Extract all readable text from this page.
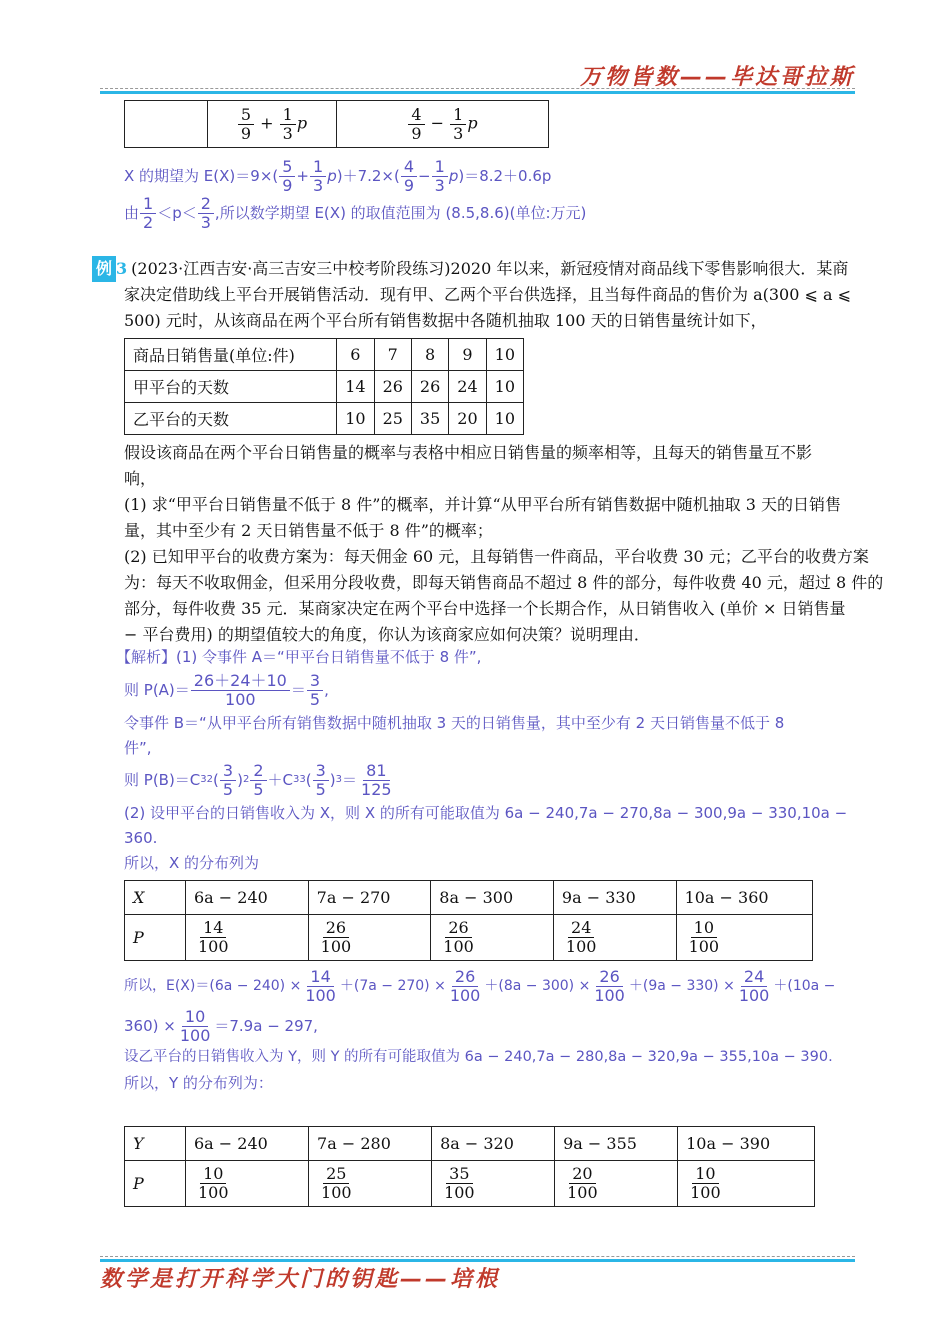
万物皆数——毕达哥拉斯

$\frac{5}{9} + \frac{1}{3}$ p	$\frac{4}{9} - \frac{1}{3}$ p
X 的期望为 $E(X)=9\times( \frac{5}{9} + \frac{1}{3}$ p )$+7.2\times( \frac{4}{9} - \frac{1}{3}$ p )＝8.2＋0.6p
由 $\frac{1}{2} <p< \frac{2}{3}$ ,所以数学期望 E(X) 的取值范围为 (8.5,8.6)(单位:万元)
例 3 (2023·江西吉安·高三吉安三中校考阶段练习)2020 年以来，新冠疫情对商品线下零售影响很大．某商
家决定借助线上平台开展销售活动．现有甲、乙两个平台供选择，且当每件商品的售价为 a(300 ⩽ a ⩽
500) 元时，从该商品在两个平台所有销售数据中各随机抽取 100 天的日销售量统计如下，
商品日销售量(单位:件)	6	7	8	9	10
甲平台的天数	14	26	26	24	10
乙平台的天数	10	25	35	20	10
假设该商品在两个平台日销售量的概率与表格中相应日销售量的频率相等，且每天的销售量互不影
响，
(1) 求“甲平台日销售量不低于 8 件”的概率，并计算“从甲平台所有销售数据中随机抽取 3 天的日销售
量，其中至少有 2 天日销售量不低于 8 件”的概率；
(2) 已知甲平台的收费方案为：每天佣金 60 元，且每销售一件商品，平台收费 30 元；乙平台的收费方案
为：每天不收取佣金，但采用分段收费，即每天销售商品不超过 8 件的部分，每件收费 40 元，超过 8 件的
部分，每件收费 35 元．某商家决定在两个平台中选择一个长期合作，从日销售收入 (单价 × 日销售量
− 平台费用) 的期望值较大的角度，你认为该商家应如何决策？说明理由．
【解析】(1) 令事件 A＝“甲平台日销售量不低于 8 件”,
则 $P(A)= \frac{26+24+10}{100} = \frac{3}{5}$ ,
令事件 B＝“从甲平台所有销售数据中随机抽取 3 天的日销售量，其中至少有 2 天日销售量不低于 8
件”,
则 P(B)＝C 3 2 ( $\frac{3}{5}$ ) $2 \frac{2}{5} +C$ 3 3 ( $\frac{3}{5}$ ) $3 = \frac{81}{125}$
(2) 设甲平台的日销售收入为 X，则 X 的所有可能取值为 6a − 240,7a − 270,8a − 300,9a − 330,10a −
360.
所以，X 的分布列为
X	6a − 240	7a − 270	8a − 300	9a − 330	10a − 360
P	$\frac{14}{100}$	$\frac{26}{100}$	$\frac{26}{100}$	$\frac{24}{100}$	$\frac{10}{100}$
所以，$E(X)=(6a - 240) \times \frac{14}{100} +(7a - 270) \times \frac{26}{100} +(8a - 300) \times \frac{26}{100} +(9a - 330) \times \frac{24}{100} +(10a$ −
$360) \times \frac{10}{100} =7.9a - 297$,
设乙平台的日销售收入为 Y，则 Y 的所有可能取值为 6a − 240,7a − 280,8a − 320,9a − 355,10a − 390.
所以，Y 的分布列为：
Y	6a − 240	7a − 280	8a − 320	9a − 355	10a − 390
P	$\frac{10}{100}$	$\frac{25}{100}$	$\frac{35}{100}$	$\frac{20}{100}$	$\frac{10}{100}$
数学是打开科学大门的钥匙——培根
